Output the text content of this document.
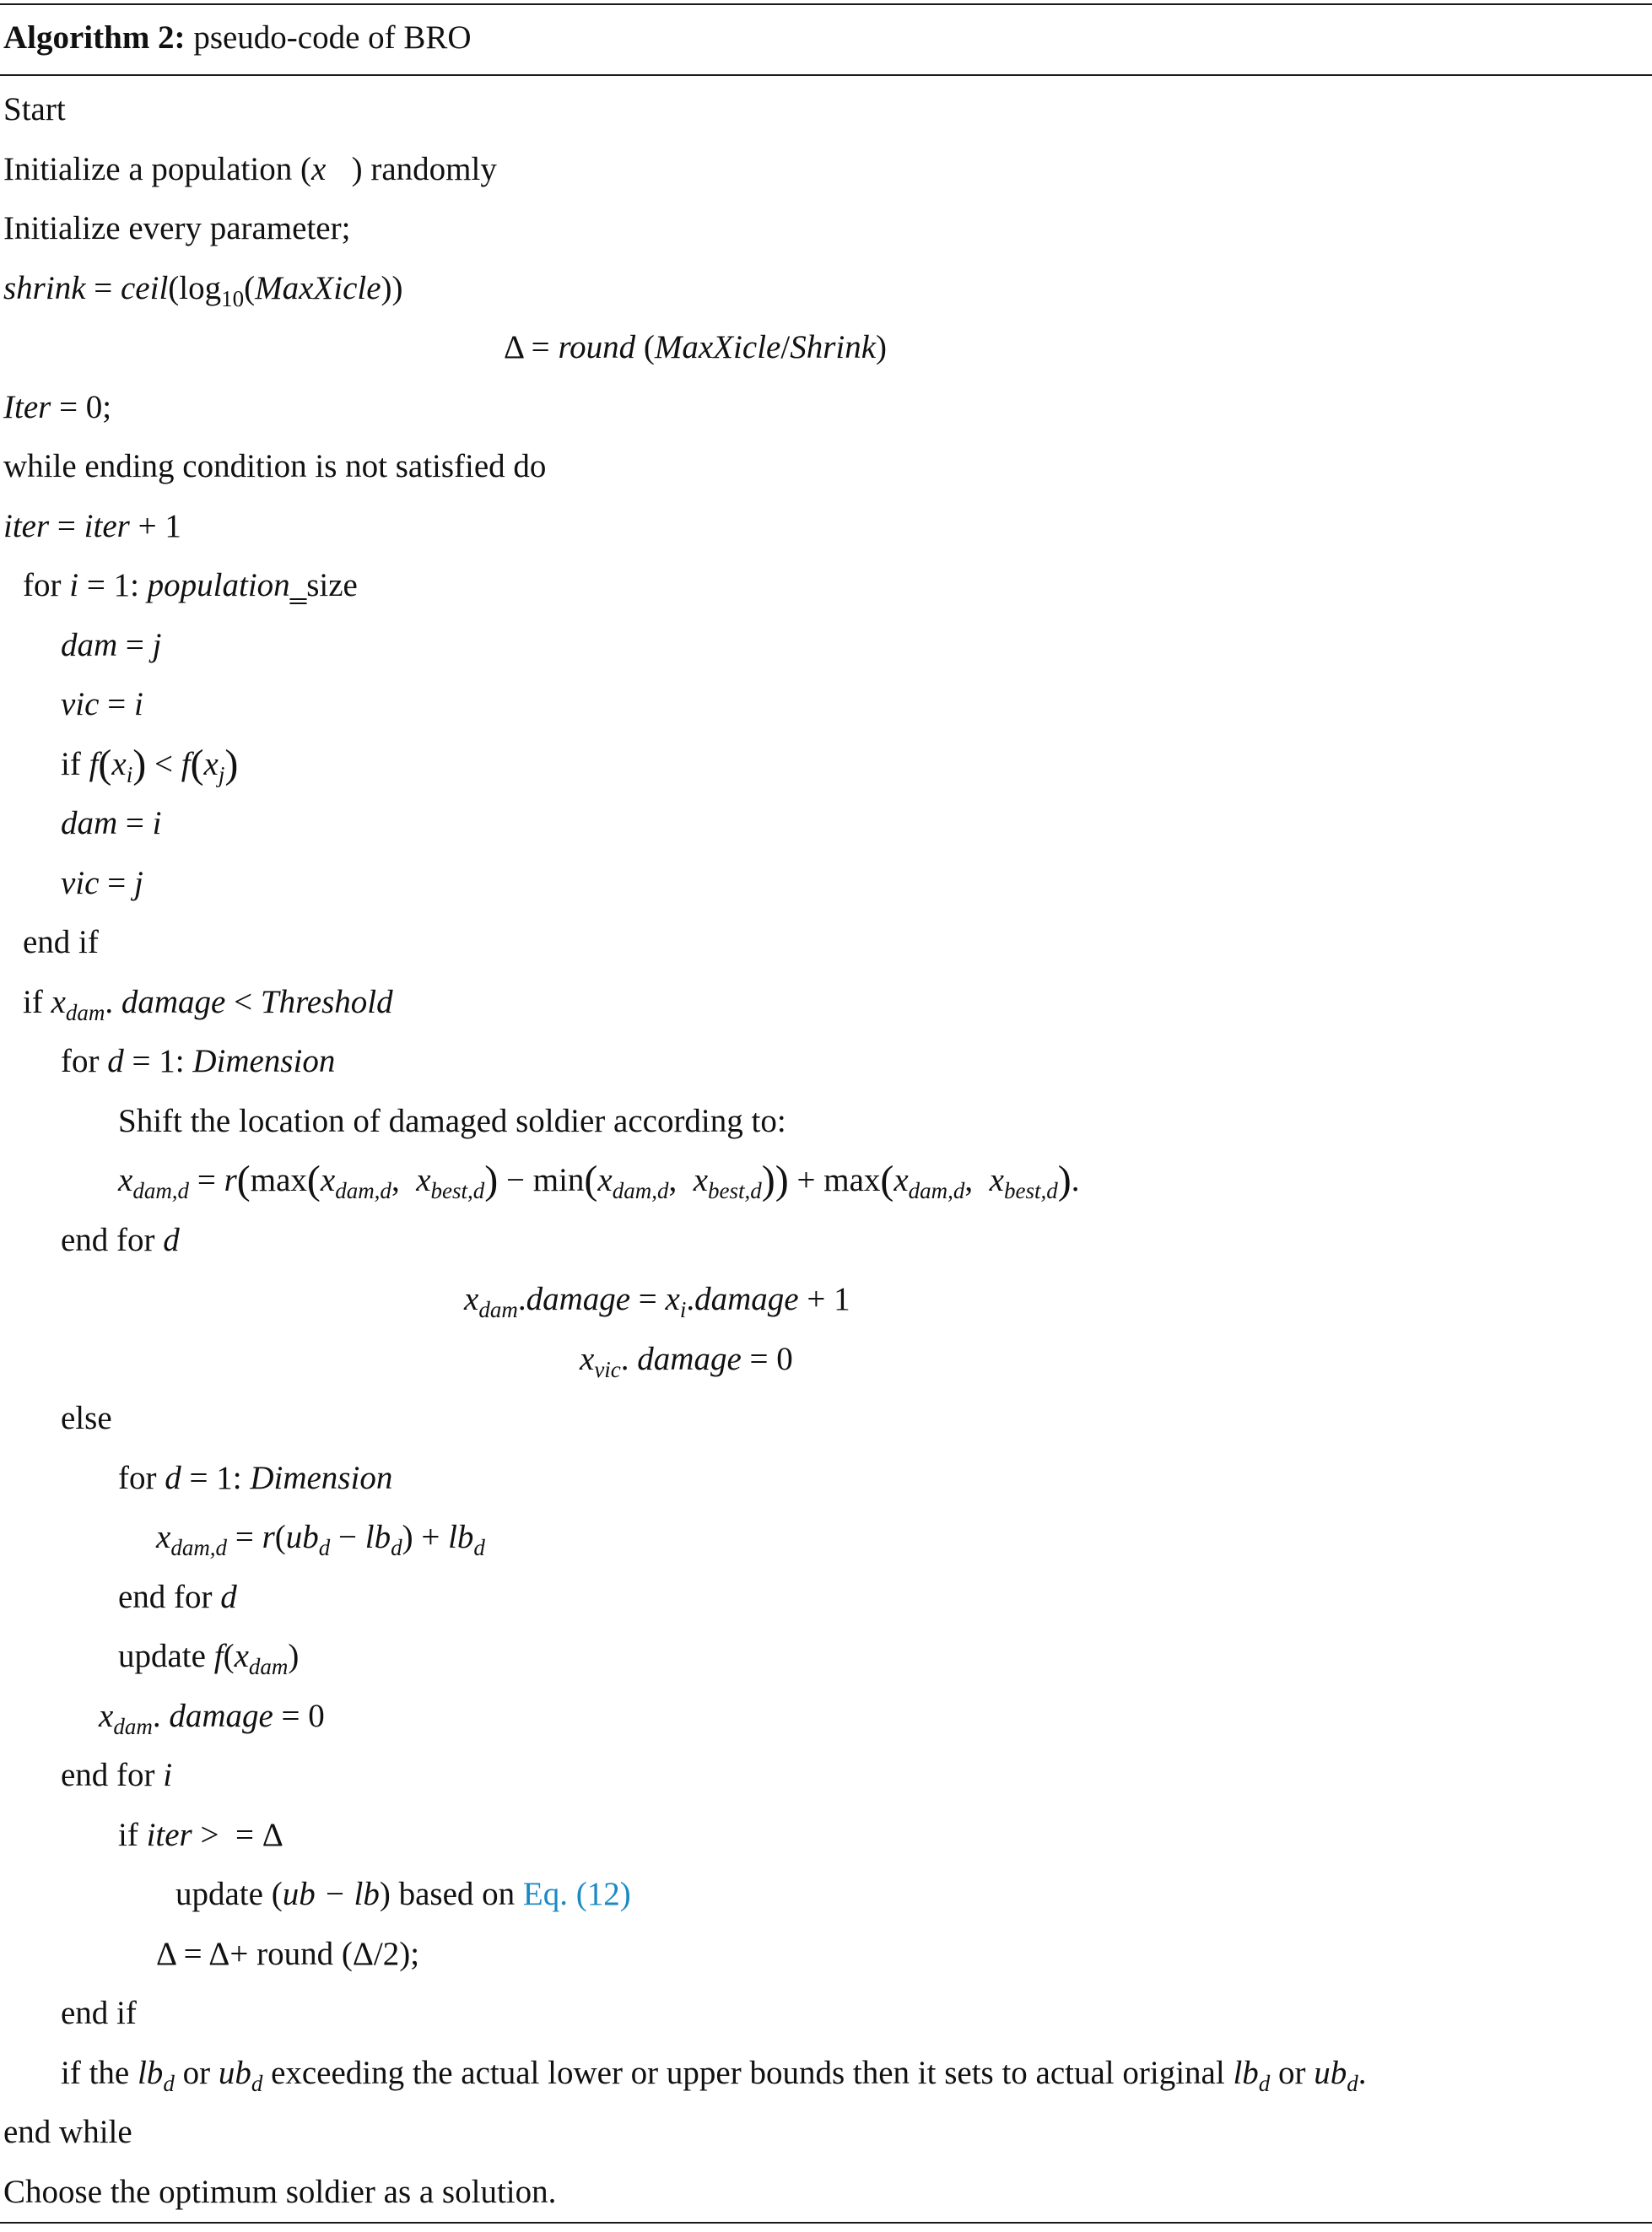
Algorithm 2: pseudo-code of BRO
Start
Initialize a population (x⃗) randomly
Initialize every parameter;
shrink = $ceil(\log_{10}(MaxXicle))$
Δ = round (MaxXicle/Shrink)
Iter = 0;
while ending condition is not satisfied do
iter = iter + 1
for i = 1: population‗size
dam = j
vic = i
if $f(x_i) < f(x_j)$
dam = i
vic = j
end if
if $x_{dam}$. damage < Threshold
for d = 1: Dimension
Shift the location of damaged soldier according to:
$x_{dam,d} = r(\max(x_{dam,d}$,  $x_{best,d}) - \min(x_{dam,d}$,  $x_{best,d})) + \max(x_{dam,d}$,  $x_{best,d}$).
end for d
$x_{dam}.damage$ = $x_i.damage + 1$
$x_{vic}$. damage = 0
else
for d = 1: Dimension
$x_{dam,d} = r(ub_d - lb_d) + lb_d$
end for d
update $f(x_{dam})$
$x_{dam}$. damage = 0
end for i
if iter >  = Δ
update (ub − lb) based on Eq. (12)
Δ = Δ+ round (Δ/2);
end if
if the $lb_d$ or $ub_d$ exceeding the actual lower or upper bounds then it sets to actual original $lb_d$ or $ub_d$.
end while
Choose the optimum soldier as a solution.
